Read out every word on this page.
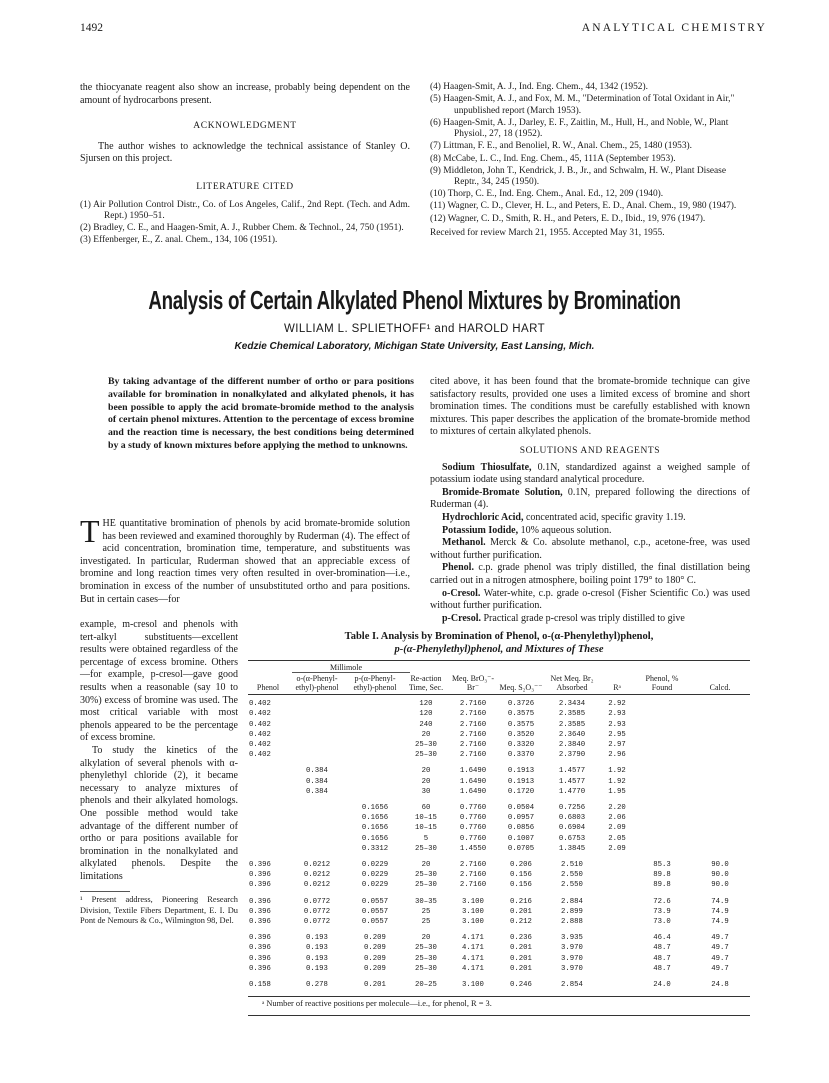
1492	ANALYTICAL CHEMISTRY

the thiocyanate reagent also show an increase, probably being dependent on the amount of hydrocarbons present.

ACKNOWLEDGMENT

The author wishes to acknowledge the technical assistance of Stanley O. Sjursen on this project.

LITERATURE CITED

(1) Air Pollution Control Distr., Co. of Los Angeles, Calif., 2nd Rept. (Tech. and Adm. Rept.) 1950–51.

(2) Bradley, C. E., and Haagen-Smit, A. J., Rubber Chem. & Technol., 24, 750 (1951).

(3) Effenberger, E., Z. anal. Chem., 134, 106 (1951).

(4) Haagen-Smit, A. J., Ind. Eng. Chem., 44, 1342 (1952).

(5) Haagen-Smit, A. J., and Fox, M. M., "Determination of Total Oxidant in Air," unpublished report (March 1953).

(6) Haagen-Smit, A. J., Darley, E. F., Zaitlin, M., Hull, H., and Noble, W., Plant Physiol., 27, 18 (1952).

(7) Littman, F. E., and Benoliel, R. W., Anal. Chem., 25, 1480 (1953).

(8) McCabe, L. C., Ind. Eng. Chem., 45, 111A (September 1953).

(9) Middleton, John T., Kendrick, J. B., Jr., and Schwalm, H. W., Plant Disease Reptr., 34, 245 (1950).

(10) Thorp, C. E., Ind. Eng. Chem., Anal. Ed., 12, 209 (1940).

(11) Wagner, C. D., Clever, H. L., and Peters, E. D., Anal. Chem., 19, 980 (1947).

(12) Wagner, C. D., Smith, R. H., and Peters, E. D., Ibid., 19, 976 (1947).

Received for review March 21, 1955. Accepted May 31, 1955.

Analysis of Certain Alkylated Phenol Mixtures by Bromination
WILLIAM L. SPLIETHOFF¹ and HAROLD HART
Kedzie Chemical Laboratory, Michigan State University, East Lansing, Mich.
By taking advantage of the different number of ortho or para positions available for bromination in nonalkylated and alkylated phenols, it has been possible to apply the acid bromate-bromide method to the analysis of certain phenol mixtures. Attention to the percentage of excess bromine and the reaction time is necessary, the best conditions being determined by a study of known mixtures before applying the method to unknowns.
THE quantitative bromination of phenols by acid bromate-bromide solution has been reviewed and examined thoroughly by Ruderman (4). The effect of acid concentration, bromination time, temperature, and substituents was investigated. In particular, Ruderman showed that an appreciable excess of bromine and long reaction times very often resulted in over-bromination—i.e., bromination in excess of the number of unsubstituted ortho and para positions. But in certain cases—for

example, m-cresol and phenols with tert-alkyl substituents—excellent results were obtained regardless of the percentage of excess bromine. Others—for example, p-cresol—gave good results when a reasonable (say 10 to 30%) excess of bromine was used. The most critical variable with most phenols appeared to be the percentage of excess bromine.

To study the kinetics of the alkylation of several phenols with α-phenylethyl chloride (2), it became necessary to analyze mixtures of phenols and their alkylated homologs. One possible method would take advantage of the different number of ortho or para positions available for bromination in the nonalkylated and alkylated phenols. Despite the limitations

¹ Present address, Pioneering Research Division, Textile Fibers Department, E. I. Du Pont de Nemours & Co., Wilmington 98, Del.

cited above, it has been found that the bromate-bromide technique can give satisfactory results, provided one uses a limited excess of bromine and short bromination times. The conditions must be carefully established with known mixtures. This paper describes the application of the bromate-bromide method to mixtures of certain alkylated phenols.

SOLUTIONS AND REAGENTS

Sodium Thiosulfate, 0.1N, standardized against a weighed sample of potassium iodate using standard analytical procedure.

Bromide-Bromate Solution, 0.1N, prepared following the directions of Ruderman (4).

Hydrochloric Acid, concentrated acid, specific gravity 1.19.

Potassium Iodide, 10% aqueous solution.

Methanol. Merck & Co. absolute methanol, c.p., acetone-free, was used without further purification.

Phenol. c.p. grade phenol was triply distilled, the final distillation being carried out in a nitrogen atmosphere, boiling point 179° to 180° C.

o-Cresol. Water-white, c.p. grade o-cresol (Fisher Scientific Co.) was used without further purification.

p-Cresol. Practical grade p-cresol was triply distilled to give

Table I. Analysis by Bromination of Phenol, o-(α-Phenylethyl)phenol,
p-(α-Phenylethyl)phenol, and Mixtures of These
Millimole
Phenol	o-(α-Phenyl-ethyl)-phenol	p-(α-Phenyl-ethyl)-phenol	Re-action Time, Sec.	Meq. BrO₃⁻-Br⁻	Meq. S₂O₃⁻⁻	Net Meq. Br₂ Absorbed	Rᵃ	Phenol, % Found	Calcd.

0.402			120	2.7160	0.3726	2.3434	2.92		
0.402			120	2.7160	0.3575	2.3585	2.93		
0.402			240	2.7160	0.3575	2.3585	2.93		
0.402			20	2.7160	0.3520	2.3640	2.95		
0.402			25–30	2.7160	0.3320	2.3840	2.97		
0.402			25–30	2.7160	0.3370	2.3790	2.96		

	0.384		20	1.6490	0.1913	1.4577	1.92		
	0.384		20	1.6490	0.1913	1.4577	1.92		
	0.384		30	1.6490	0.1720	1.4770	1.95		

		0.1656	60	0.7760	0.0504	0.7256	2.20		
		0.1656	10–15	0.7760	0.0957	0.6803	2.06		
		0.1656	10–15	0.7760	0.0856	0.6904	2.09		
		0.1656	5	0.7760	0.1007	0.6753	2.05		
		0.3312	25–30	1.4550	0.0705	1.3845	2.09		

0.396	0.0212	0.0229	20	2.7160	0.206	2.510		85.3	90.0
0.396	0.0212	0.0229	25–30	2.7160	0.156	2.550		89.8	90.0
0.396	0.0212	0.0229	25–30	2.7160	0.156	2.550		89.8	90.0

0.396	0.0772	0.0557	30–35	3.100	0.216	2.884		72.6	74.9
0.396	0.0772	0.0557	25	3.100	0.201	2.899		73.9	74.9
0.396	0.0772	0.0557	25	3.100	0.212	2.888		73.0	74.9

0.396	0.193	0.209	20	4.171	0.236	3.935		46.4	49.7
0.396	0.193	0.209	25–30	4.171	0.201	3.970		48.7	49.7
0.396	0.193	0.209	25–30	4.171	0.201	3.970		48.7	49.7
0.396	0.193	0.209	25–30	4.171	0.201	3.970		48.7	49.7

0.158	0.278	0.201	20–25	3.100	0.246	2.854		24.0	24.8

ᵃ Number of reactive positions per molecule—i.e., for phenol, R = 3.
